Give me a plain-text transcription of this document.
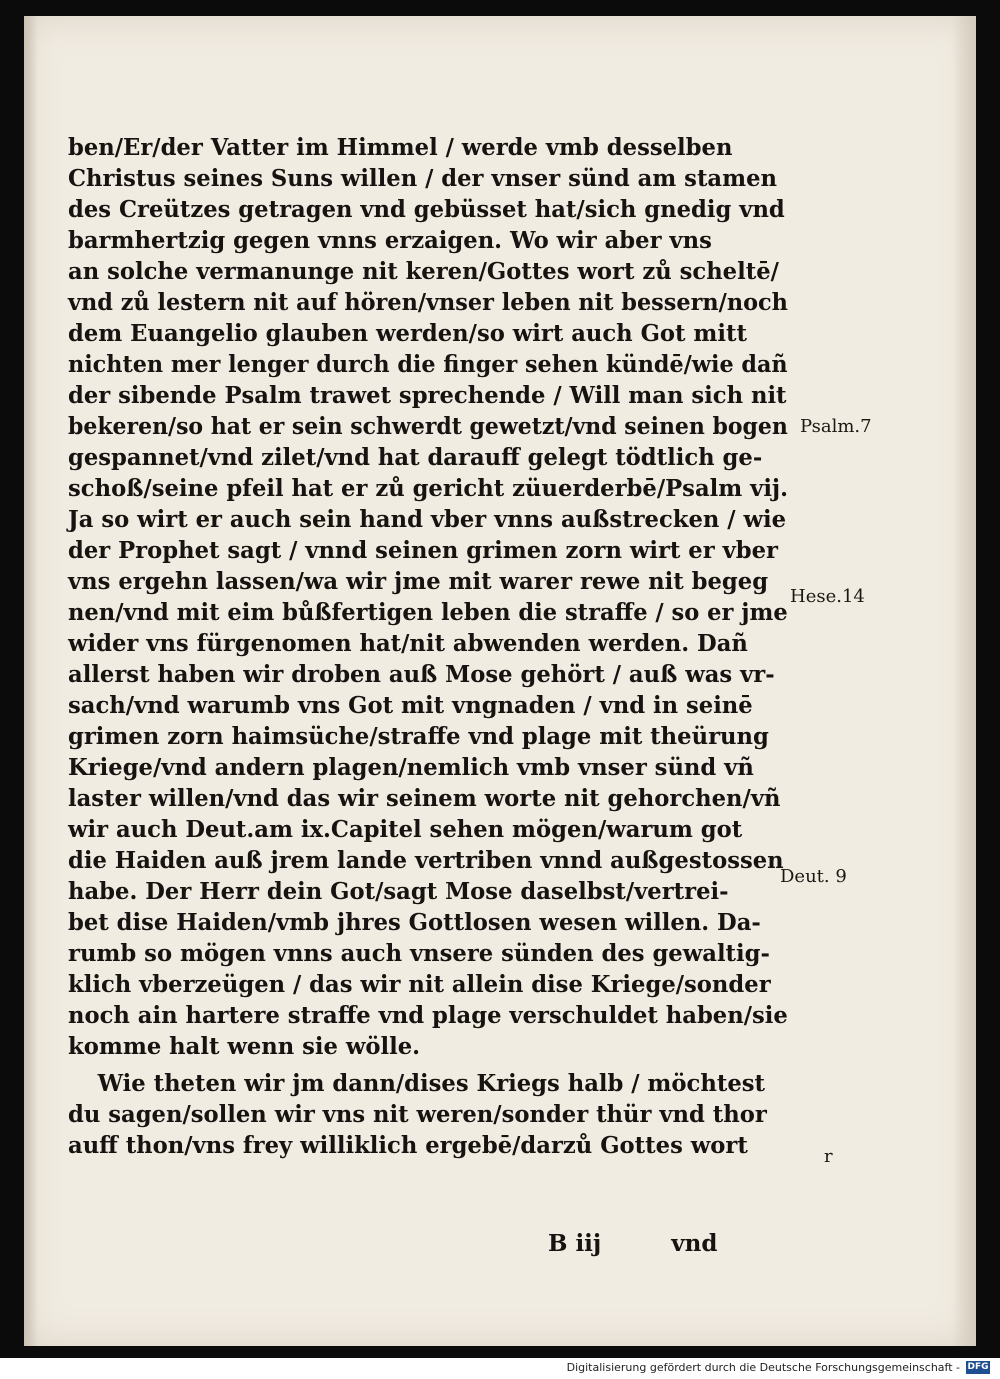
ben/Er/der Vatter im Himmel / werde vmb desselben
Christus seines Suns willen / der vnser sünd am stamen
des Creützes getragen vnd gebüsset hat/sich gnedig vnd
barmhertzig gegen vnns erzaigen. Wo wir aber vns
an solche vermanunge nit keren/Gottes wort zů scheltē/
vnd zů lestern nit auf hören/vnser leben nit bessern/noch
dem Euangelio glauben werden/so wirt auch Got mitt
nichten mer lenger durch die finger sehen kündē/wie dañ
der sibende Psalm trawet sprechende / Will man sich nit
bekeren/so hat er sein schwerdt gewetzt/vnd seinen bogen
gespannet/vnd zilet/vnd hat darauff gelegt tödtlich ge-
schoß/seine pfeil hat er zů gericht züuerderbē/Psalm vij.
Ja so wirt er auch sein hand vber vnns außstrecken / wie
der Prophet sagt / vnnd seinen grimen zorn wirt er vber
vns ergehn lassen/wa wir jme mit warer rewe nit begeg
nen/vnd mit eim bůßfertigen leben die straffe / so er jme
wider vns fürgenomen hat/nit abwenden werden. Dañ
allerst haben wir droben auß Mose gehört / auß was vr-
sach/vnd warumb vns Got mit vngnaden / vnd in seinē
grimen zorn haimsüche/straffe vnd plage mit theürung
Kriege/vnd andern plagen/nemlich vmb vnser sünd vñ
laster willen/vnd das wir seinem worte nit gehorchen/vñ
wir auch Deut.am ix.Capitel sehen mögen/warum got
die Haiden auß jrem lande vertriben vnnd außgestossen
habe. Der Herr dein Got/sagt Mose daselbst/vertrei-
bet dise Haiden/vmb jhres Gottlosen wesen willen. Da-
rumb so mögen vnns auch vnsere sünden des gewaltig-
klich vberzeügen / das wir nit allein dise Kriege/sonder
noch ain hartere straffe vnd plage verschuldet haben/sie
komme halt wenn sie wölle.
Wie theten wir jm dann/dises Kriegs halb / möchtest
du sagen/sollen wir vns nit weren/sonder thür vnd thor
auff thon/vns frey williklich ergebē/darzů Gottes wort
Psalm.7
Hese.14
Deut. 9
r
B iij	vnd
Digitalisierung gefördert durch die Deutsche Forschungsgemeinschaft - DFG
